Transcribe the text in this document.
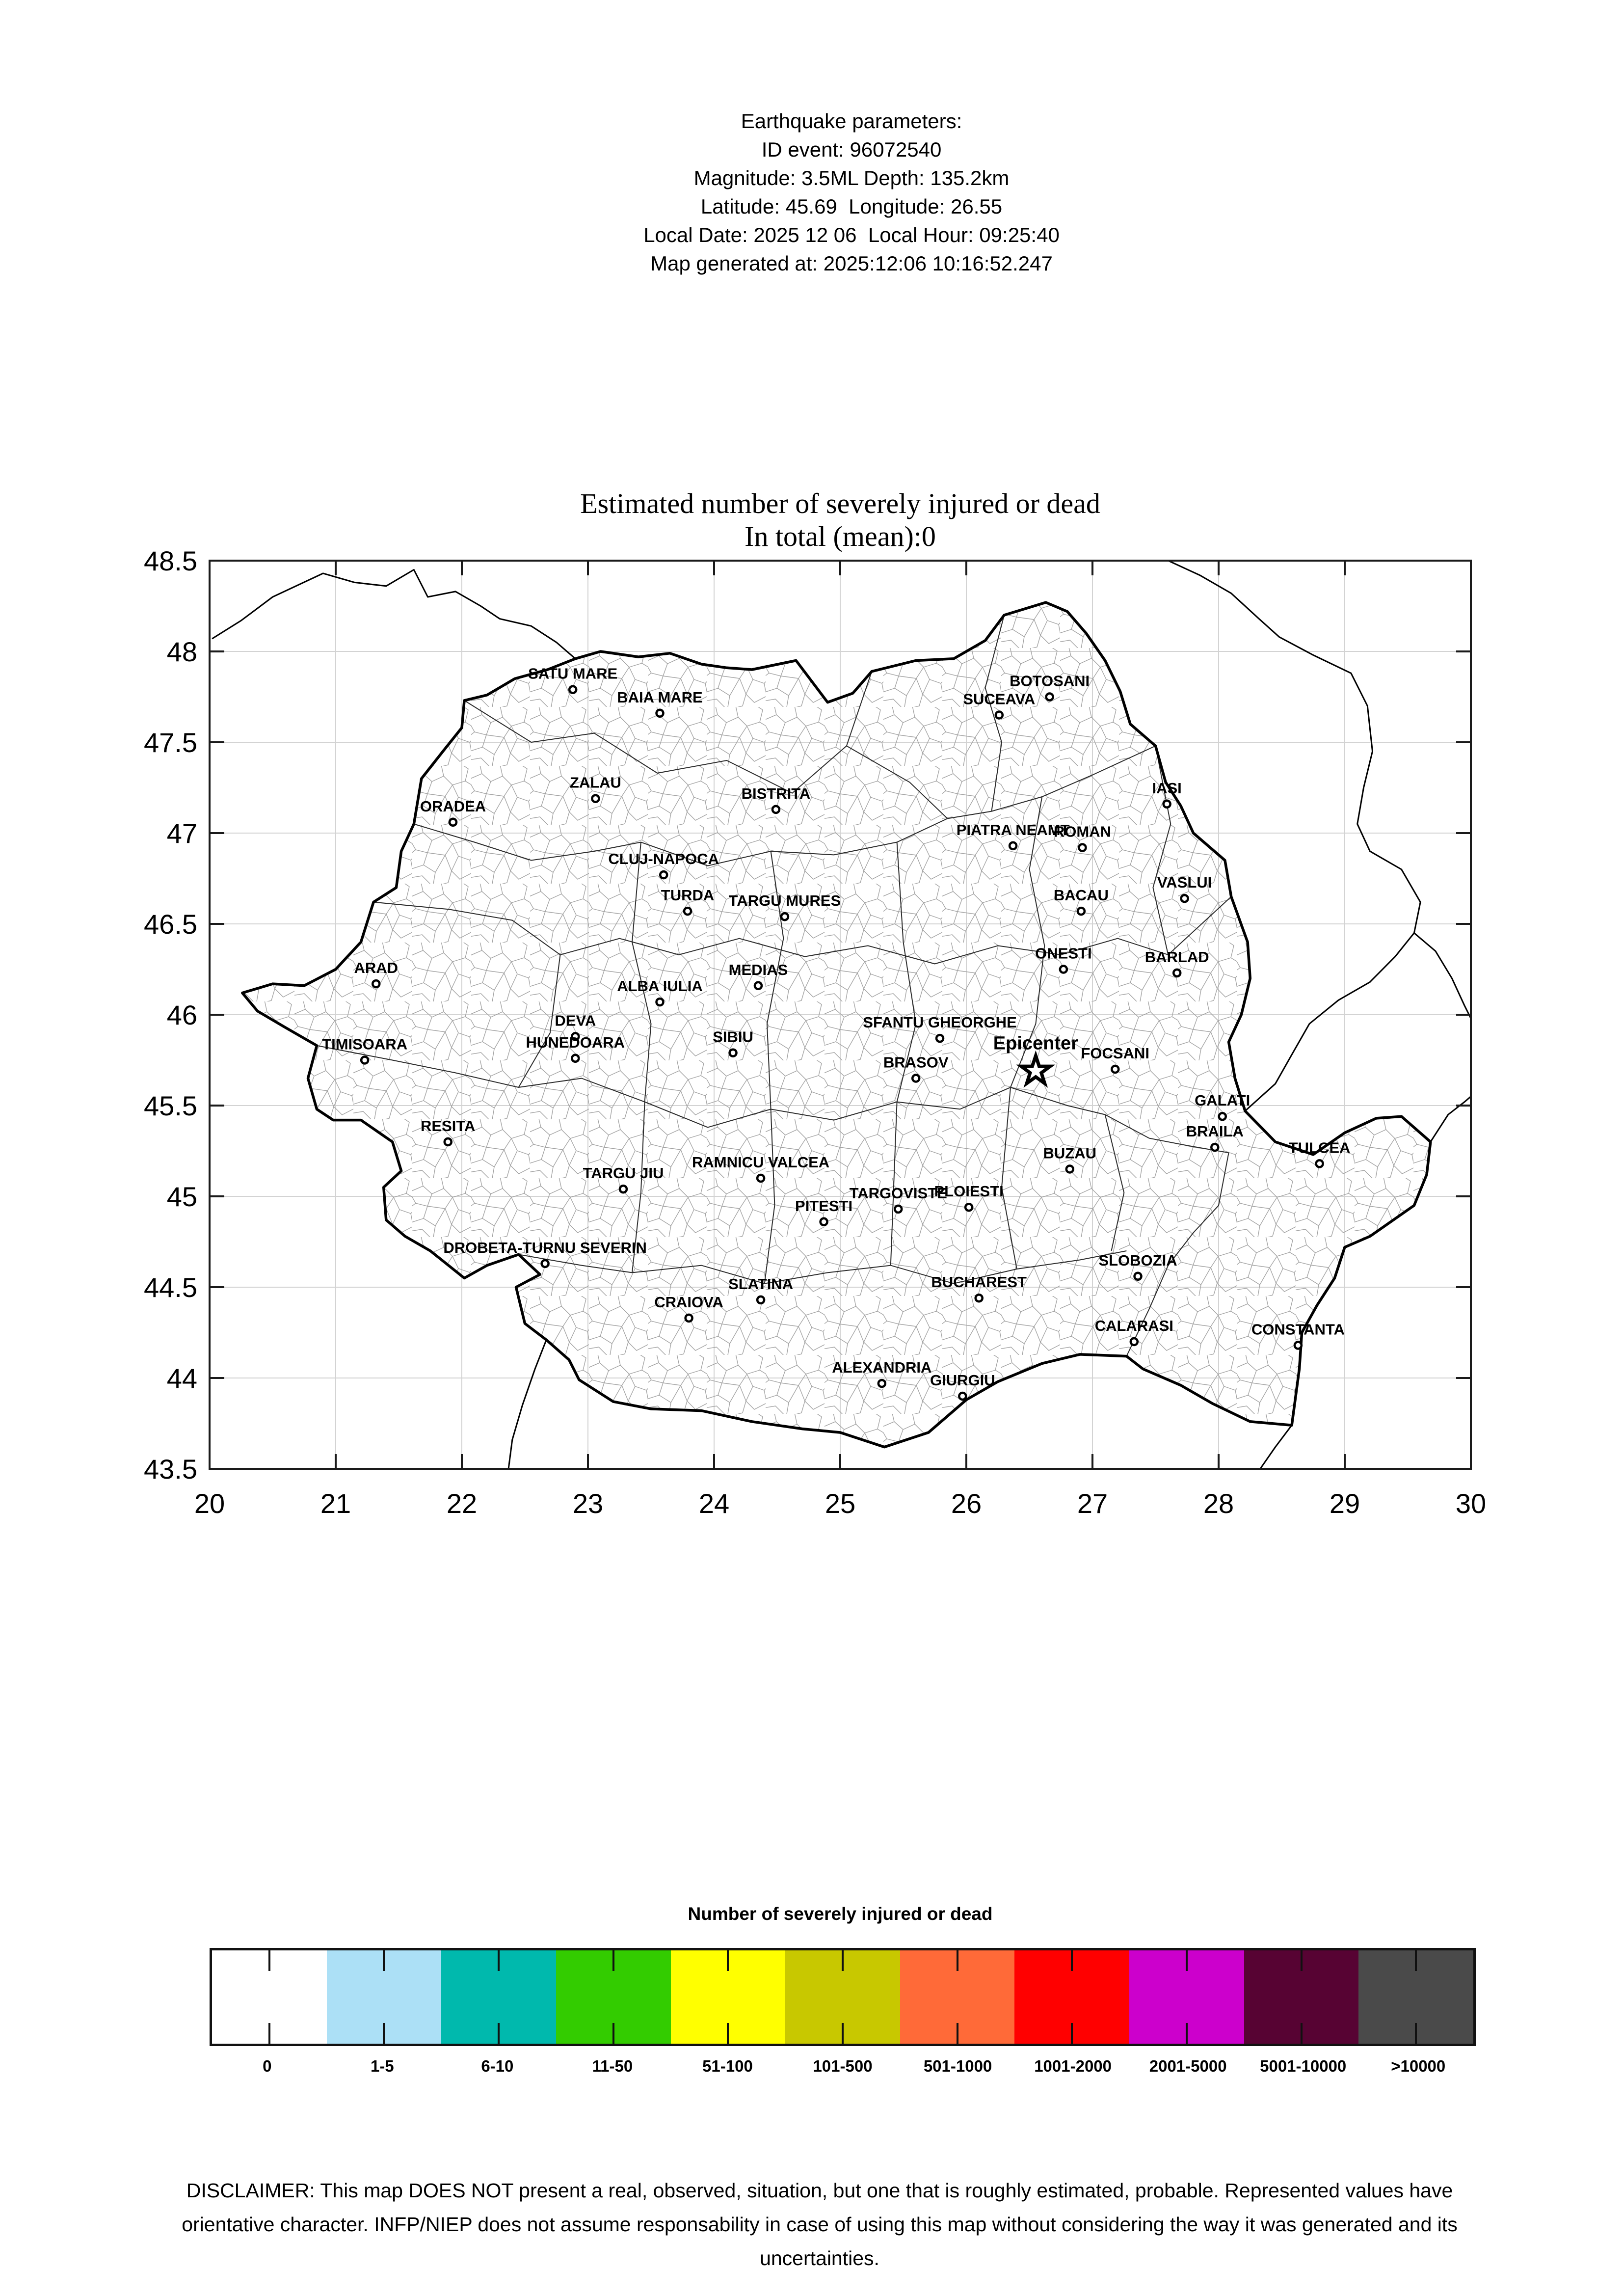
SATU MARE
BAIA MARE
BOTOSANI
SUCEAVA
IASI
ORADEA
ZALAU
BISTRITA
PIATRA NEAMT
ROMAN
VASLUI
CLUJ-NAPOCA
TURDA TARGU MURES	BACAU
ONESTI	BARLAD
ARAD	MEDIAS
ALBA IULIA
DEVA
HUNEDOARA	SIBIU
SFANTU GHEORGHE
TIMISOARA
BRASOV
FOCSANI
GALATI
BRAILA
RESITA
BUZAU	TULCEA
TARGU JIU
RAMNICU VALCEA
TARGOVISTE
PLOIESTI
PITESTI
DROBETA-TURNU SEVERIN
SLOBOZIA
SLATINA	BUCHAREST
CRAIOVA
CALARASI	CONSTANTA
ALEXANDRIA
GIURGIU
Epicenter
20	21	22	23	24	25	26	27	28	29	30
43.5
44
44.5
45
45.5
46
46.5
47
47.5
48
48.5
Earthquake parameters:
ID event: 96072540
Magnitude: 3.5ML Depth: 135.2km
Latitude: 45.69  Longitude: 26.55
Local Date: 2025 12 06  Local Hour: 09:25:40
Map generated at: 2025:12:06 10:16:52.247
Estimated number of severely injured or dead
In total (mean):0
Number of severely injured or dead
0	1-5	6-10	11-50	51-100	101-500	501-1000	1001-2000	2001-5000	5001-10000	>10000
DISCLAIMER: This map DOES NOT present a real, observed, situation, but one that is roughly estimated, probable. Represented values have
orientative character. INFP/NIEP does not assume responsability in case of using this map without considering the way it was generated and its
uncertainties.
